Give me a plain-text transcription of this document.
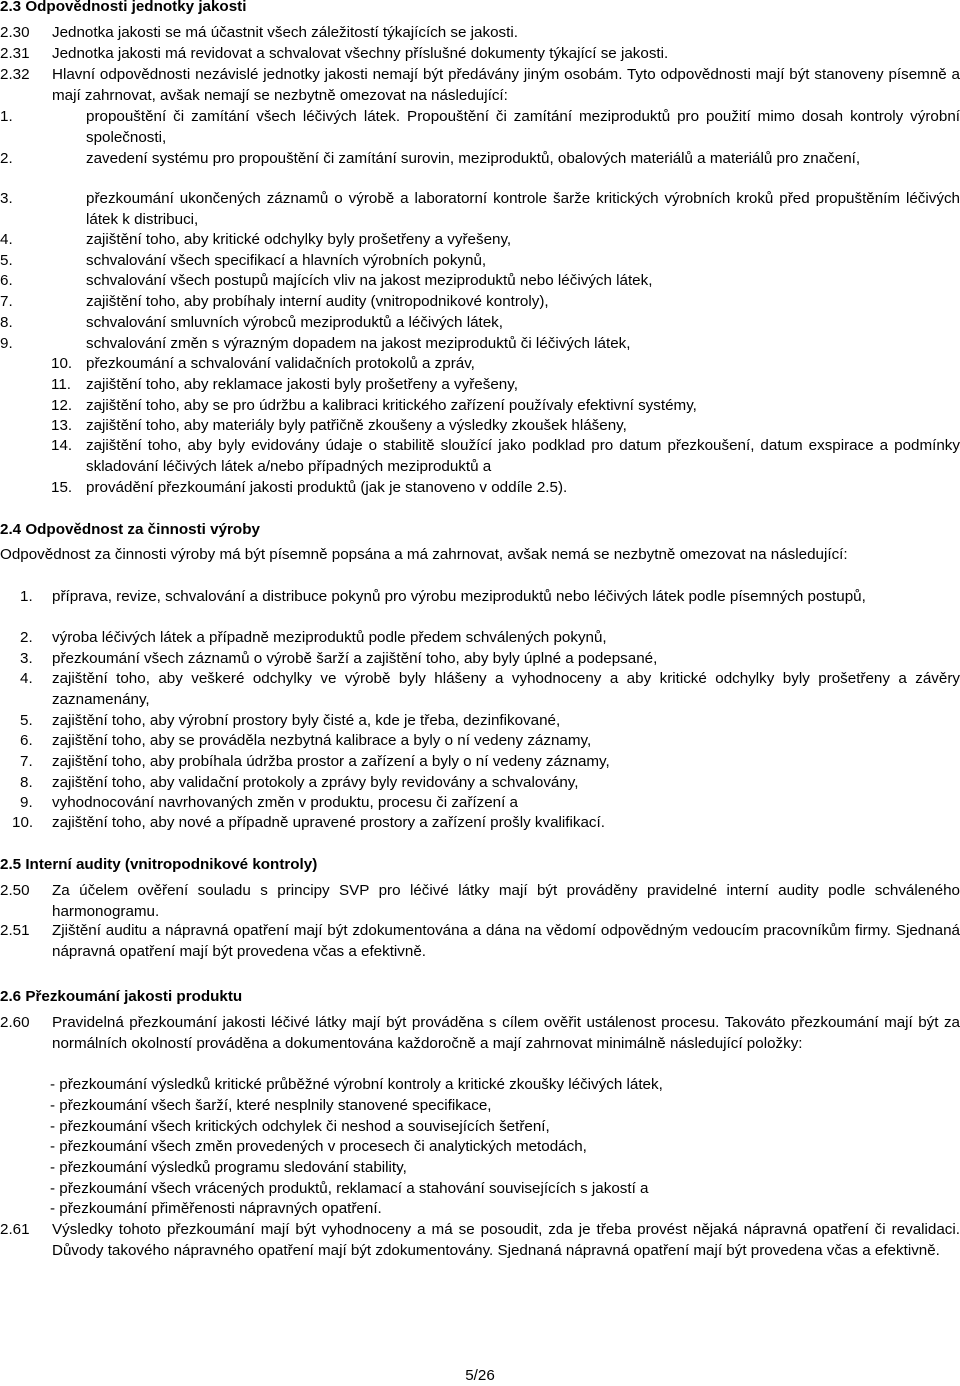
2.3 Odpovědnosti jednotky jakosti
2.30	Jednotka jakosti se má účastnit všech záležitostí týkajících se jakosti.
2.31	Jednotka jakosti má revidovat a schvalovat všechny příslušné dokumenty týkající se jakosti.
2.32	Hlavní odpovědnosti nezávislé jednotky jakosti nemají být předávány jiným osobám. Tyto odpovědnosti mají být stanoveny písemně a mají zahrnovat, avšak nemají se nezbytně omezovat na následující:
1.	propouštění či zamítání všech léčivých látek. Propouštění či zamítání meziproduktů pro použití mimo dosah kontroly výrobní společnosti,
2.	zavedení systému pro propouštění či zamítání surovin, meziproduktů, obalových materiálů a materiálů pro značení,
3.	přezkoumání ukončených záznamů o výrobě a laboratorní kontrole šarže kritických výrobních kroků před propuštěním léčivých látek k distribuci,
4.	zajištění toho, aby kritické odchylky byly prošetřeny a vyřešeny,
5.	schvalování všech specifikací a hlavních výrobních pokynů,
6.	schvalování všech postupů majících vliv na jakost meziproduktů nebo léčivých látek,
7.	zajištění toho, aby probíhaly interní audity (vnitropodnikové kontroly),
8.	schvalování smluvních výrobců meziproduktů a léčivých látek,
9.	schvalování změn s výrazným dopadem na jakost meziproduktů či léčivých látek,
10. přezkoumání a schvalování validačních protokolů a zpráv,
11. zajištění toho, aby reklamace jakosti byly prošetřeny a vyřešeny,
12. zajištění toho, aby se pro údržbu a kalibraci kritického zařízení používaly efektivní systémy,
13. zajištění toho, aby materiály byly patřičně zkoušeny a výsledky zkoušek hlášeny,
14. zajištění toho, aby byly evidovány údaje o stabilitě sloužící jako podklad pro datum přezkoušení, datum exspirace a podmínky skladování léčivých látek a/nebo případných meziproduktů a
15. provádění přezkoumání jakosti produktů (jak je stanoveno v oddíle 2.5).
2.4 Odpovědnost za činnosti výroby
Odpovědnost za činnosti výroby má být písemně popsána a má zahrnovat, avšak nemá se nezbytně omezovat na následující:
1.	příprava, revize, schvalování a distribuce pokynů pro výrobu meziproduktů nebo léčivých látek podle písemných postupů,
2.	výroba léčivých látek a případně meziproduktů podle předem schválených pokynů,
3.	přezkoumání všech záznamů o výrobě šarží a zajištění toho, aby byly úplné a podepsané,
4.	zajištění toho, aby veškeré odchylky ve výrobě byly hlášeny a vyhodnoceny a aby kritické odchylky byly prošetřeny a závěry zaznamenány,
5.	zajištění toho, aby výrobní prostory byly čisté a, kde je třeba, dezinfikované,
6.	zajištění toho, aby se prováděla nezbytná kalibrace a byly o ní vedeny záznamy,
7.	zajištění toho, aby probíhala údržba prostor a zařízení a byly o ní vedeny záznamy,
8.	zajištění toho, aby validační protokoly a zprávy byly revidovány a schvalovány,
9.	vyhodnocování navrhovaných změn v produktu, procesu či zařízení a
10.	zajištění toho, aby nové a případně upravené prostory a zařízení prošly kvalifikací.
2.5 Interní audity (vnitropodnikové kontroly)
2.50	Za účelem ověření souladu s principy SVP pro léčivé látky mají být prováděny pravidelné interní audity podle schváleného harmonogramu.
2.51	Zjištění auditu a nápravná opatření mají být zdokumentována a dána na vědomí odpovědným vedoucím pracovníkům firmy. Sjednaná nápravná opatření mají být provedena včas a efektivně.
2.6 Přezkoumání jakosti produktu
2.60	Pravidelná přezkoumání jakosti léčivé látky mají být prováděna s cílem ověřit ustálenost procesu. Takováto přezkoumání mají být za normálních okolností prováděna a dokumentována každoročně a mají zahrnovat minimálně následující položky:
- přezkoumání výsledků kritické průběžné výrobní kontroly a kritické zkoušky léčivých látek,
- přezkoumání všech šarží, které nesplnily stanovené specifikace,
- přezkoumání všech kritických odchylek či neshod a souvisejících šetření,
- přezkoumání všech změn provedených v procesech či analytických metodách,
- přezkoumání výsledků programu sledování stability,
- přezkoumání všech vrácených produktů, reklamací a stahování souvisejících s jakostí a
- přezkoumání přiměřenosti nápravných opatření.
2.61	Výsledky tohoto přezkoumání mají být vyhodnoceny a má se posoudit, zda je třeba provést nějaká nápravná opatření či revalidaci. Důvody takového nápravného opatření mají být zdokumentovány. Sjednaná nápravná opatření mají být provedena včas a efektivně.
5/26
